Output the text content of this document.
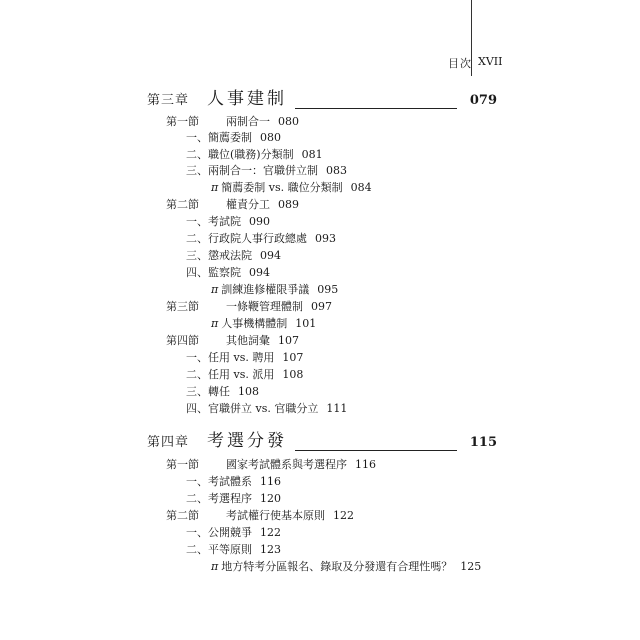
目次 XVII
第三章 人事建制	079
第一節 兩制合一 080
一、簡薦委制 080
二、職位(職務)分類制 081
三、兩制合一：官職併立制 083
π 簡薦委制 vs. 職位分類制 084
第二節 權責分工 089
一、考試院 090
二、行政院人事行政總處 093
三、懲戒法院 094
四、監察院 094
π 訓練進修權限爭議 095
第三節 一條鞭管理體制 097
π 人事機構體制 101
第四節 其他詞彙 107
一、任用 vs. 聘用 107
二、任用 vs. 派用 108
三、轉任 108
四、官職併立 vs. 官職分立 111
第四章 考選分發	115
第一節 國家考試體系與考選程序 116
一、考試體系 116
二、考選程序 120
第二節 考試權行使基本原則 122
一、公開競爭 122
二、平等原則 123
π 地方特考分區報名、錄取及分發還有合理性嗎？ 125
